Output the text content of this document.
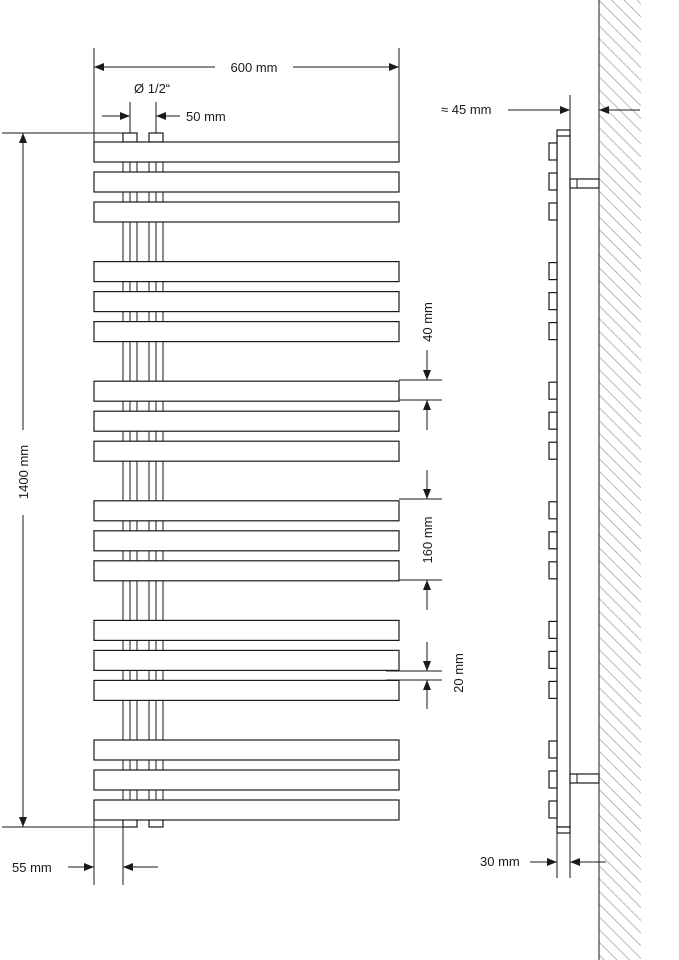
600 mm
Ø 1/2“
50 mm
1400 mm
40 mm
160 mm
20 mm
55 mm
≈ 45 mm
30 mm
